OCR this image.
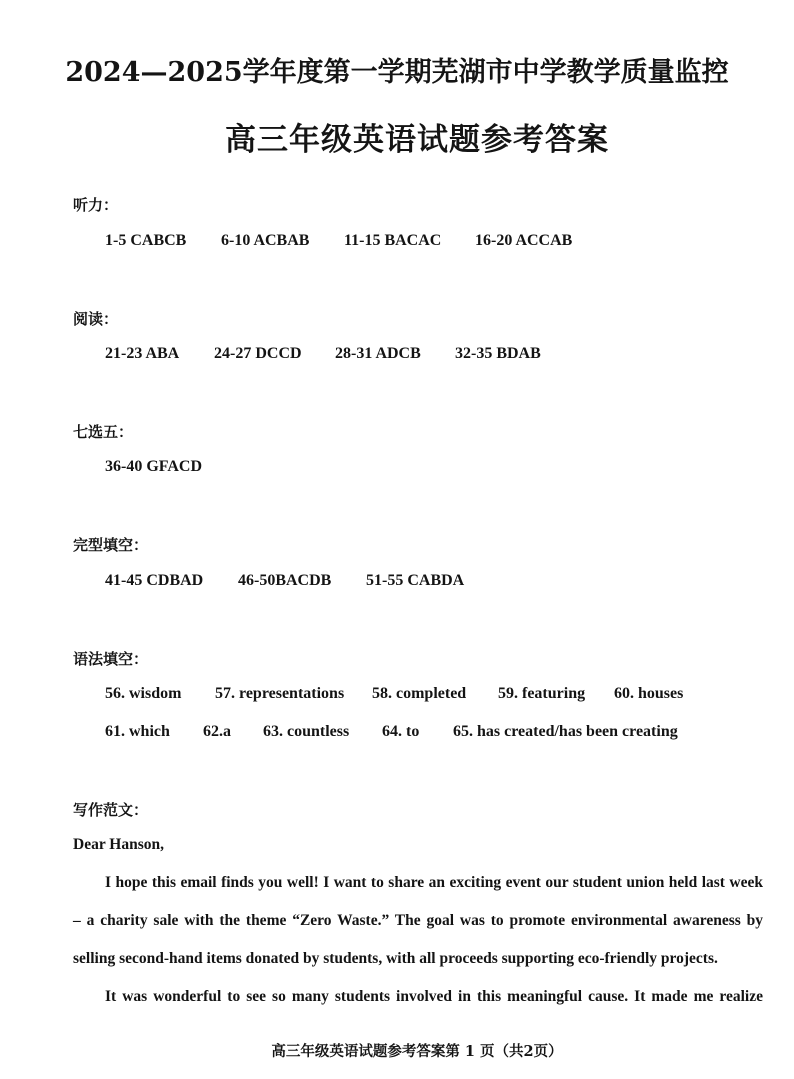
2024—2025学年度第一学期芜湖市中学教学质量监控
高三年级英语试题参考答案
听力：
1-5 CABCB 6-10 ACBAB 11-15 BACAC 16-20 ACCAB
阅读：
21-23 ABA 24-27 DCCD 28-31 ADCB 32-35 BDAB
七选五：
36-40 GFACD
完型填空：
41-45 CDBAD 46-50BACDB 51-55 CABDA
语法填空：
56. wisdom 57. representations 58. completed 59. featuring 60. houses
61. which 62.a 63. countless 64. to 65. has created/has been creating
写作范文：

Dear Hanson,

I hope this email finds you well! I want to share an exciting event our student union held last week

– a charity sale with the theme “Zero Waste.” The goal was to promote environmental awareness by

selling second-hand items donated by students, with all proceeds supporting eco-friendly projects.

It was wonderful to see so many students involved in this meaningful cause. It made me realize

高三年级英语试题参考答案第 1 页（共2页）
